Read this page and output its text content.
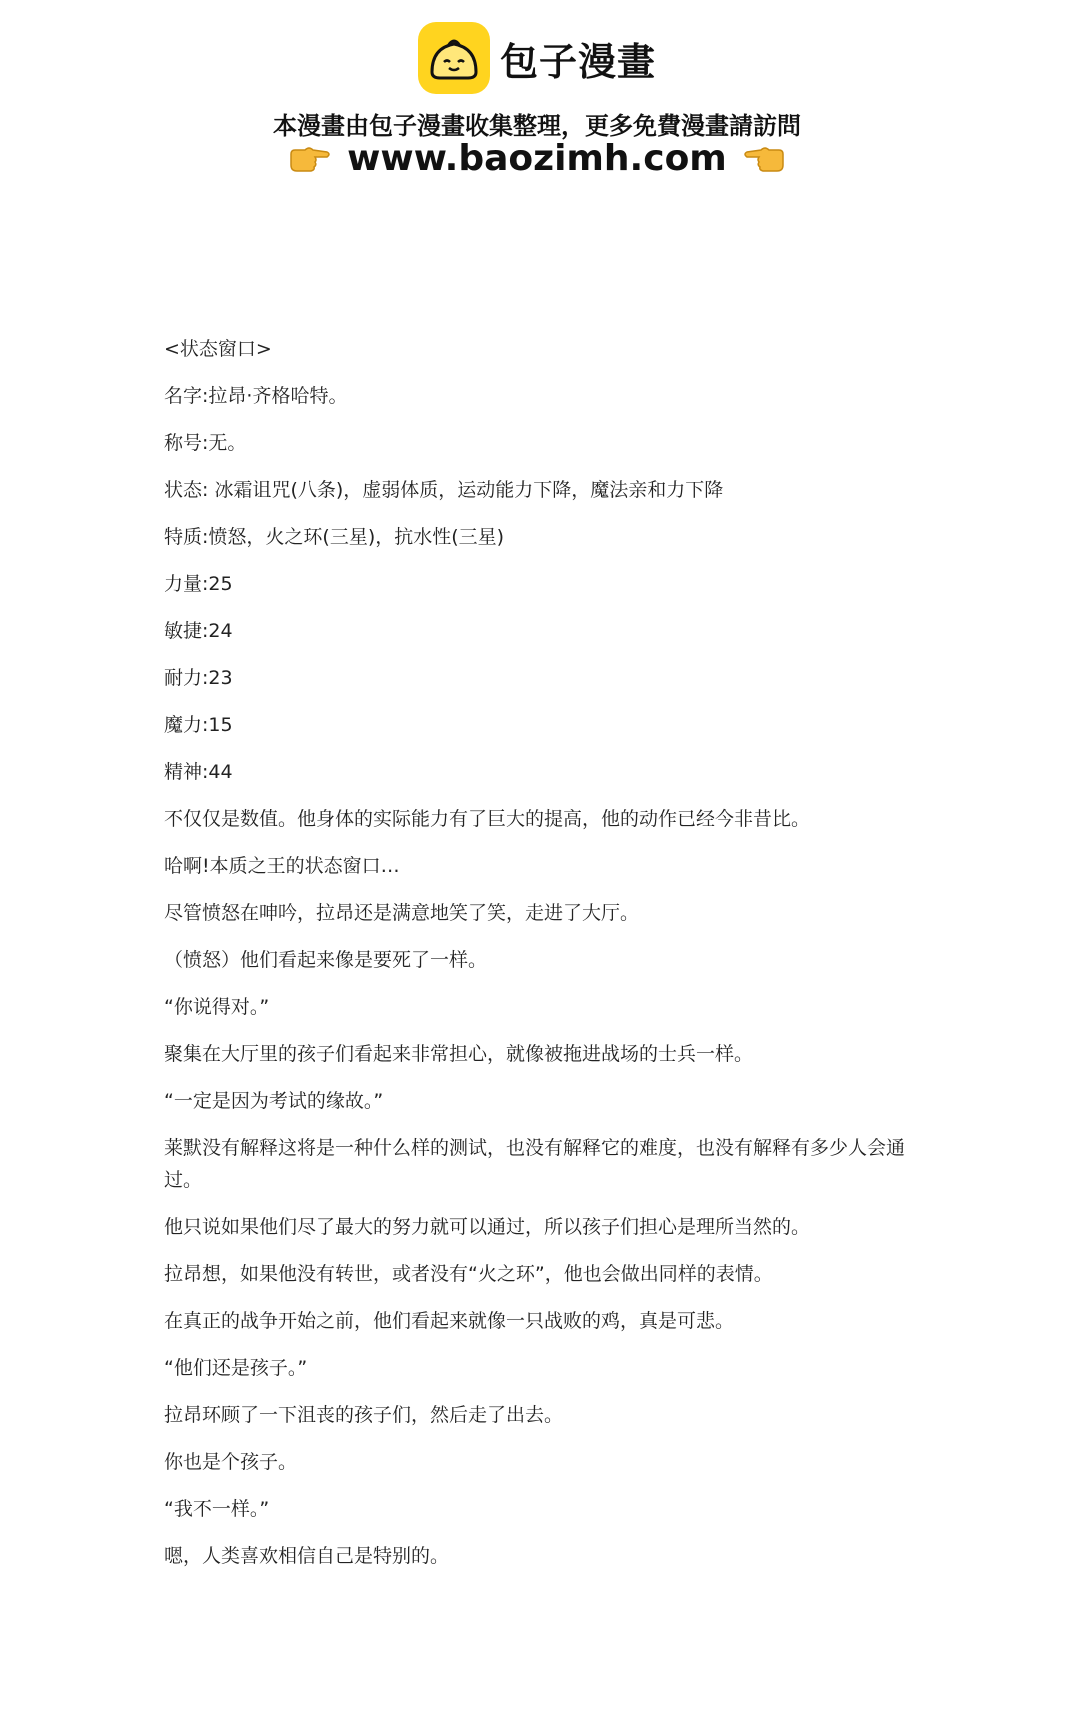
包子漫畫
本漫畫由包子漫畫收集整理，更多免費漫畫請訪問
www.baozimh.com

<状态窗口>

名字:拉昂·齐格哈特。

称号:无。

状态: 冰霜诅咒(八条)，虚弱体质，运动能力下降，魔法亲和力下降

特质:愤怒，火之环(三星)，抗水性(三星)

力量:25

敏捷:24

耐力:23

魔力:15

精神:44

不仅仅是数值。他身体的实际能力有了巨大的提高，他的动作已经今非昔比。

哈啊!本质之王的状态窗口…

尽管愤怒在呻吟，拉昂还是满意地笑了笑，走进了大厅。

（愤怒）他们看起来像是要死了一样。

“你说得对。”

聚集在大厅里的孩子们看起来非常担心，就像被拖进战场的士兵一样。

“一定是因为考试的缘故。”

莱默没有解释这将是一种什么样的测试，也没有解释它的难度，也没有解释有多少人会通过。

他只说如果他们尽了最大的努力就可以通过，所以孩子们担心是理所当然的。

拉昂想，如果他没有转世，或者没有“火之环”，他也会做出同样的表情。

在真正的战争开始之前，他们看起来就像一只战败的鸡，真是可悲。

“他们还是孩子。”

拉昂环顾了一下沮丧的孩子们，然后走了出去。

你也是个孩子。

“我不一样。”

嗯，人类喜欢相信自己是特别的。
